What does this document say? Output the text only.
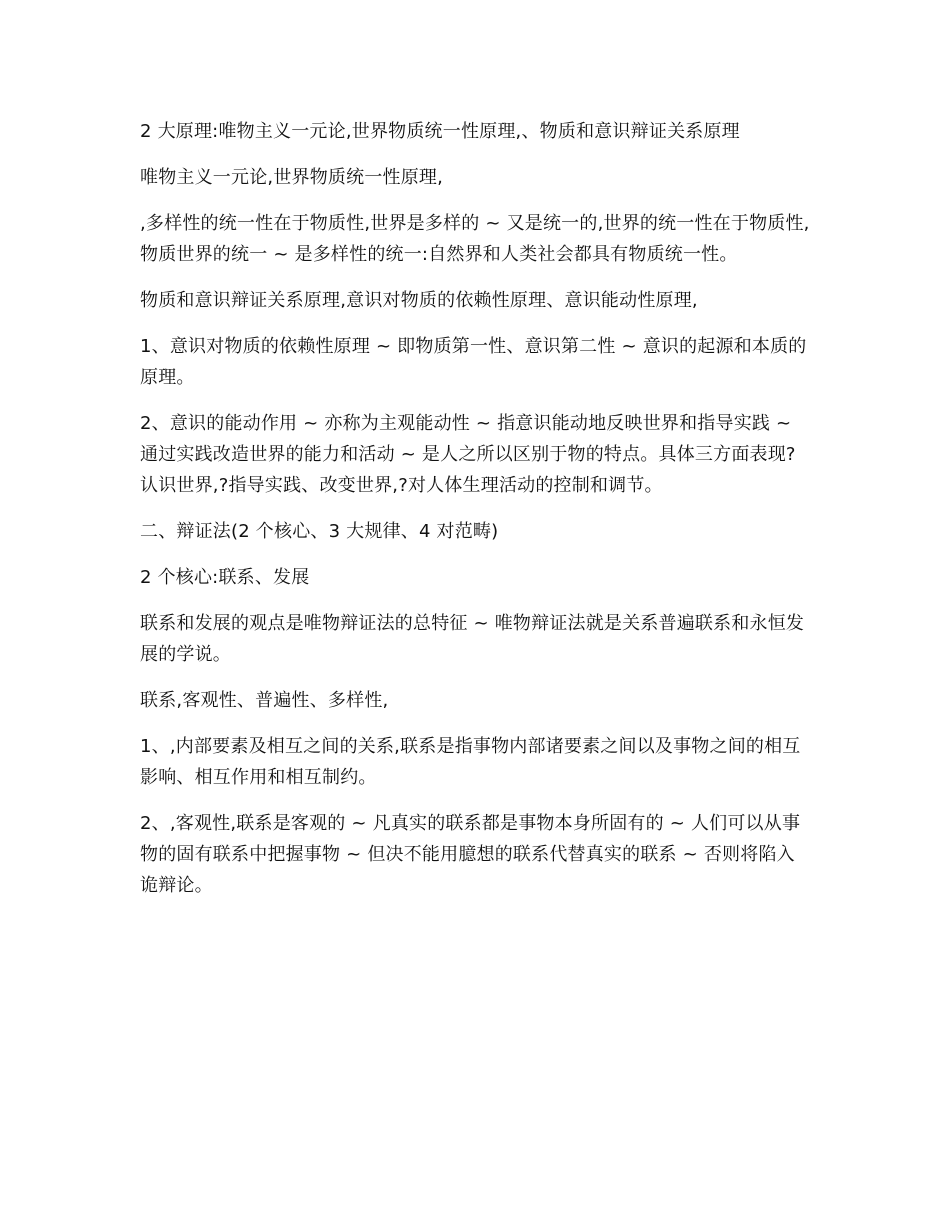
2 大原理:唯物主义一元论,世界物质统一性原理,、物质和意识辩证关系原理

唯物主义一元论,世界物质统一性原理,

,多样性的统一性在于物质性,世界是多样的 ~ 又是统一的,世界的统一性在于物质性,物质世界的统一 ~ 是多样性的统一:自然界和人类社会都具有物质统一性。

物质和意识辩证关系原理,意识对物质的依赖性原理、意识能动性原理,

1、意识对物质的依赖性原理 ~ 即物质第一性、意识第二性 ~ 意识的起源和本质的原理。

2、意识的能动作用 ~ 亦称为主观能动性 ~ 指意识能动地反映世界和指导实践 ~ 通过实践改造世界的能力和活动 ~ 是人之所以区别于物的特点。具体三方面表现?认识世界,?指导实践、改变世界,?对人体生理活动的控制和调节。

二、辩证法(2 个核心、3 大规律、4 对范畴)

2 个核心:联系、发展

联系和发展的观点是唯物辩证法的总特征 ~ 唯物辩证法就是关系普遍联系和永恒发展的学说。

联系,客观性、普遍性、多样性,

1、,内部要素及相互之间的关系,联系是指事物内部诸要素之间以及事物之间的相互影响、相互作用和相互制约。

2、,客观性,联系是客观的 ~ 凡真实的联系都是事物本身所固有的 ~ 人们可以从事物的固有联系中把握事物 ~ 但决不能用臆想的联系代替真实的联系 ~ 否则将陷入诡辩论。
